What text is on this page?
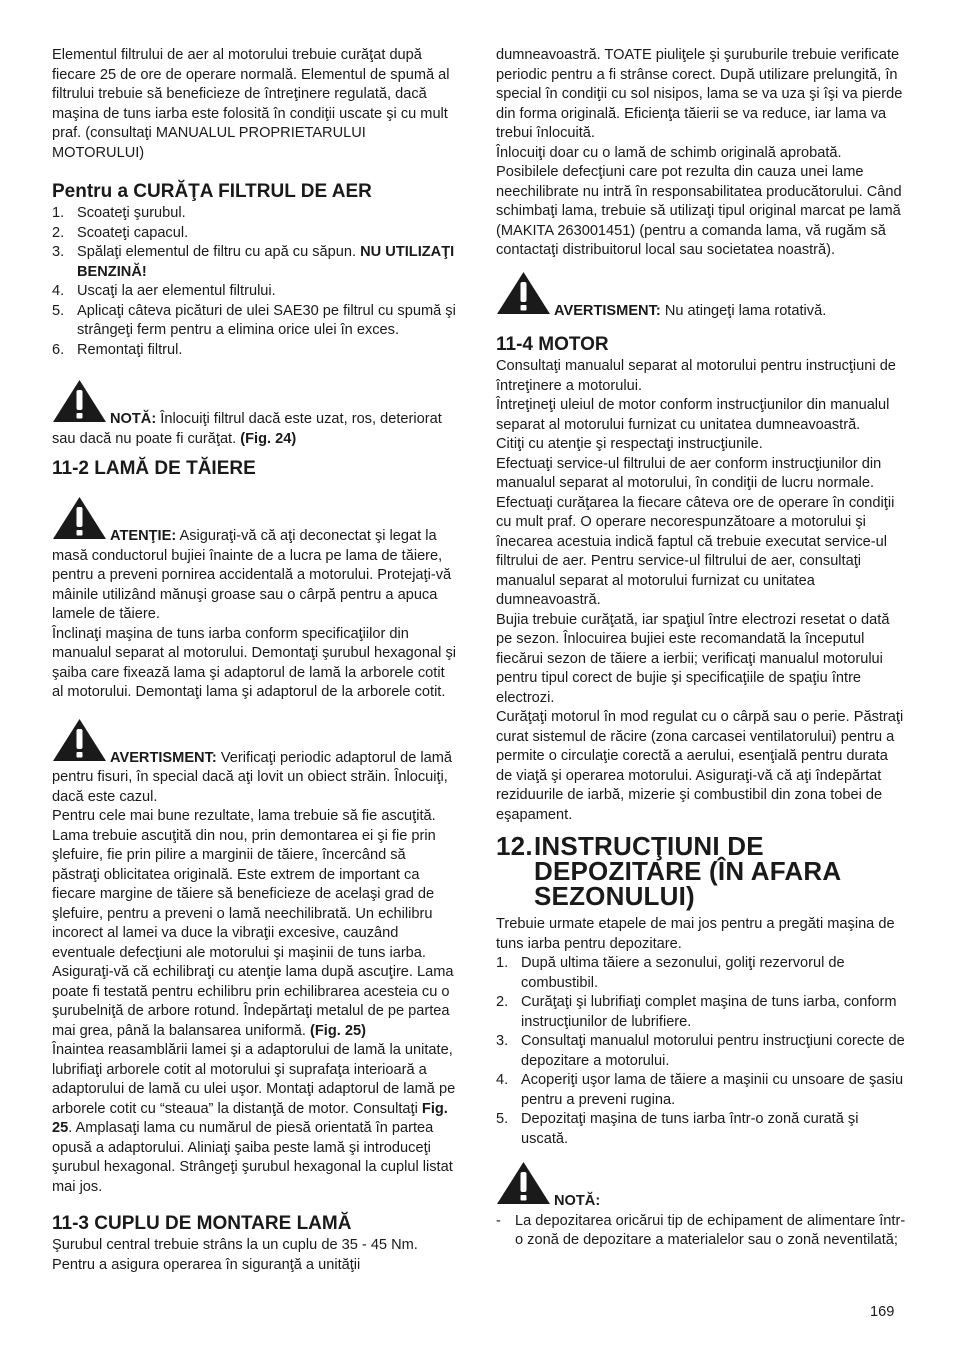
Elementul filtrului de aer al motorului trebuie curăţat după fiecare 25 de ore de operare normală. Elementul de spumă al filtrului trebuie să beneficieze de întreţinere regulată, dacă maşina de tuns iarba este folosită în condiţii uscate şi cu mult praf. (consultaţi MANUALUL PROPRIETARULUI MOTORULUI)

Pentru a CURĂŢA FILTRUL DE AER
1. Scoateţi şurubul.
2. Scoateţi capacul.
3. Spălaţi elementul de filtru cu apă cu săpun. NU UTILIZAŢI BENZINĂ!
4. Uscaţi la aer elementul filtrului.
5. Aplicaţi câteva picături de ulei SAE30 pe filtrul cu spumă şi strângeţi ferm pentru a elimina orice ulei în exces.
6. Remontaţi filtrul.
NOTĂ: Înlocuiţi filtrul dacă este uzat, ros, deteriorat sau dacă nu poate fi curăţat. (Fig. 24)
11-2 LAMĂ DE TĂIERE
ATENŢIE: Asiguraţi-vă că aţi deconectat şi legat la masă conductorul bujiei înainte de a lucra pe lama de tăiere, pentru a preveni pornirea accidentală a motorului. Protejaţi-vă mâinile utilizând mănuşi groase sau o cârpă pentru a apuca lamele de tăiere.

Înclinaţi maşina de tuns iarba conform specificaţiilor din manualul separat al motorului. Demontaţi şurubul hexagonal şi şaiba care fixează lama şi adaptorul de lamă la arborele cotit al motorului. Demontaţi lama şi adaptorul de la arborele cotit.

AVERTISMENT: Verificaţi periodic adaptorul de lamă pentru fisuri, în special dacă aţi lovit un obiect străin. Înlocuiţi, dacă este cazul.

Pentru cele mai bune rezultate, lama trebuie să fie ascuţită. Lama trebuie ascuţită din nou, prin demontarea ei şi fie prin şlefuire, fie prin pilire a marginii de tăiere, încercând să păstraţi oblicitatea originală. Este extrem de important ca fiecare margine de tăiere să beneficieze de acelaşi grad de şlefuire, pentru a preveni o lamă neechilibrată. Un echilibru incorect al lamei va duce la vibraţii excesive, cauzând eventuale defecţiuni ale motorului şi maşinii de tuns iarba. Asiguraţi-vă că echilibraţi cu atenţie lama după ascuţire. Lama poate fi testată pentru echilibru prin echilibrarea acesteia cu o şurubelniţă de arbore rotund. Îndepărtaţi metalul de pe partea mai grea, până la balansarea uniformă. (Fig. 25)

Înaintea reasamblării lamei şi a adaptorului de lamă la unitate, lubrifiaţi arborele cotit al motorului şi suprafaţa interioară a adaptorului de lamă cu ulei uşor. Montaţi adaptorul de lamă pe arborele cotit cu “steaua” la distanţă de motor. Consultaţi Fig. 25. Amplasaţi lama cu numărul de piesă orientată în partea opusă a adaptorului. Aliniaţi şaiba peste lamă şi introduceţi şurubul hexagonal. Strângeţi şurubul hexagonal la cuplul listat mai jos.

11-3 CUPLU DE MONTARE LAMĂ

Şurubul central trebuie strâns la un cuplu de 35 - 45 Nm. Pentru a asigura operarea în siguranţă a unităţii

dumneavoastră. TOATE piuliţele şi şuruburile trebuie verificate periodic pentru a fi strânse corect. După utilizare prelungită, în special în condiţii cu sol nisipos, lama se va uza şi îşi va pierde din forma originală. Eficienţa tăierii se va reduce, iar lama va trebui înlocuită.

Înlocuiţi doar cu o lamă de schimb originală aprobată. Posibilele defecţiuni care pot rezulta din cauza unei lame neechilibrate nu intră în responsabilitatea producătorului. Când schimbaţi lama, trebuie să utilizaţi tipul original marcat pe lamă (MAKITA 263001451) (pentru a comanda lama, vă rugăm să contactaţi distribuitorul local sau societatea noastră).

AVERTISMENT: Nu atingeţi lama rotativă.
11-4 MOTOR

Consultaţi manualul separat al motorului pentru instrucţiuni de întreţinere a motorului.
Întreţineţi uleiul de motor conform instrucţiunilor din manualul separat al motorului furnizat cu unitatea dumneavoastră.
Citiţi cu atenţie şi respectaţi instrucţiunile.
Efectuaţi service-ul filtrului de aer conform instrucţiunilor din manualul separat al motorului, în condiţii de lucru normale. Efectuaţi curăţarea la fiecare câteva ore de operare în condiţii cu mult praf. O operare necorespunzătoare a motorului şi înecarea acestuia indică faptul că trebuie executat service-ul filtrului de aer. Pentru service-ul filtrului de aer, consultaţi manualul separat al motorului furnizat cu unitatea dumneavoastră.
Bujia trebuie curăţată, iar spaţiul între electrozi resetat o dată pe sezon. Înlocuirea bujiei este recomandată la începutul fiecărui sezon de tăiere a ierbii; verificaţi manualul motorului pentru tipul corect de bujie şi specificaţiile de spaţiu între electrozi.
Curăţaţi motorul în mod regulat cu o cârpă sau o perie. Păstraţi curat sistemul de răcire (zona carcasei ventilatorului) pentru a permite o circulaţie corectă a aerului, esenţială pentru durata de viaţă şi operarea motorului. Asiguraţi-vă că aţi îndepărtat reziduurile de iarbă, mizerie şi combustibil din zona tobei de eşapament.

12. INSTRUCŢIUNI DE DEPOZITARE (ÎN AFARA SEZONULUI)

Trebuie urmate etapele de mai jos pentru a pregăti maşina de tuns iarba pentru depozitare.

1. După ultima tăiere a sezonului, goliţi rezervorul de combustibil.
2. Curăţaţi şi lubrifiaţi complet maşina de tuns iarba, conform instrucţiunilor de lubrifiere.
3. Consultaţi manualul motorului pentru instrucţiuni corecte de depozitare a motorului.
4. Acoperiţi uşor lama de tăiere a maşinii cu unsoare de şasiu pentru a preveni rugina.
5. Depozitaţi maşina de tuns iarba într-o zonă curată şi uscată.
NOTĂ:
- La depozitarea oricărui tip de echipament de alimentare într-o zonă de depozitare a materialelor sau o zonă neventilată;
169
